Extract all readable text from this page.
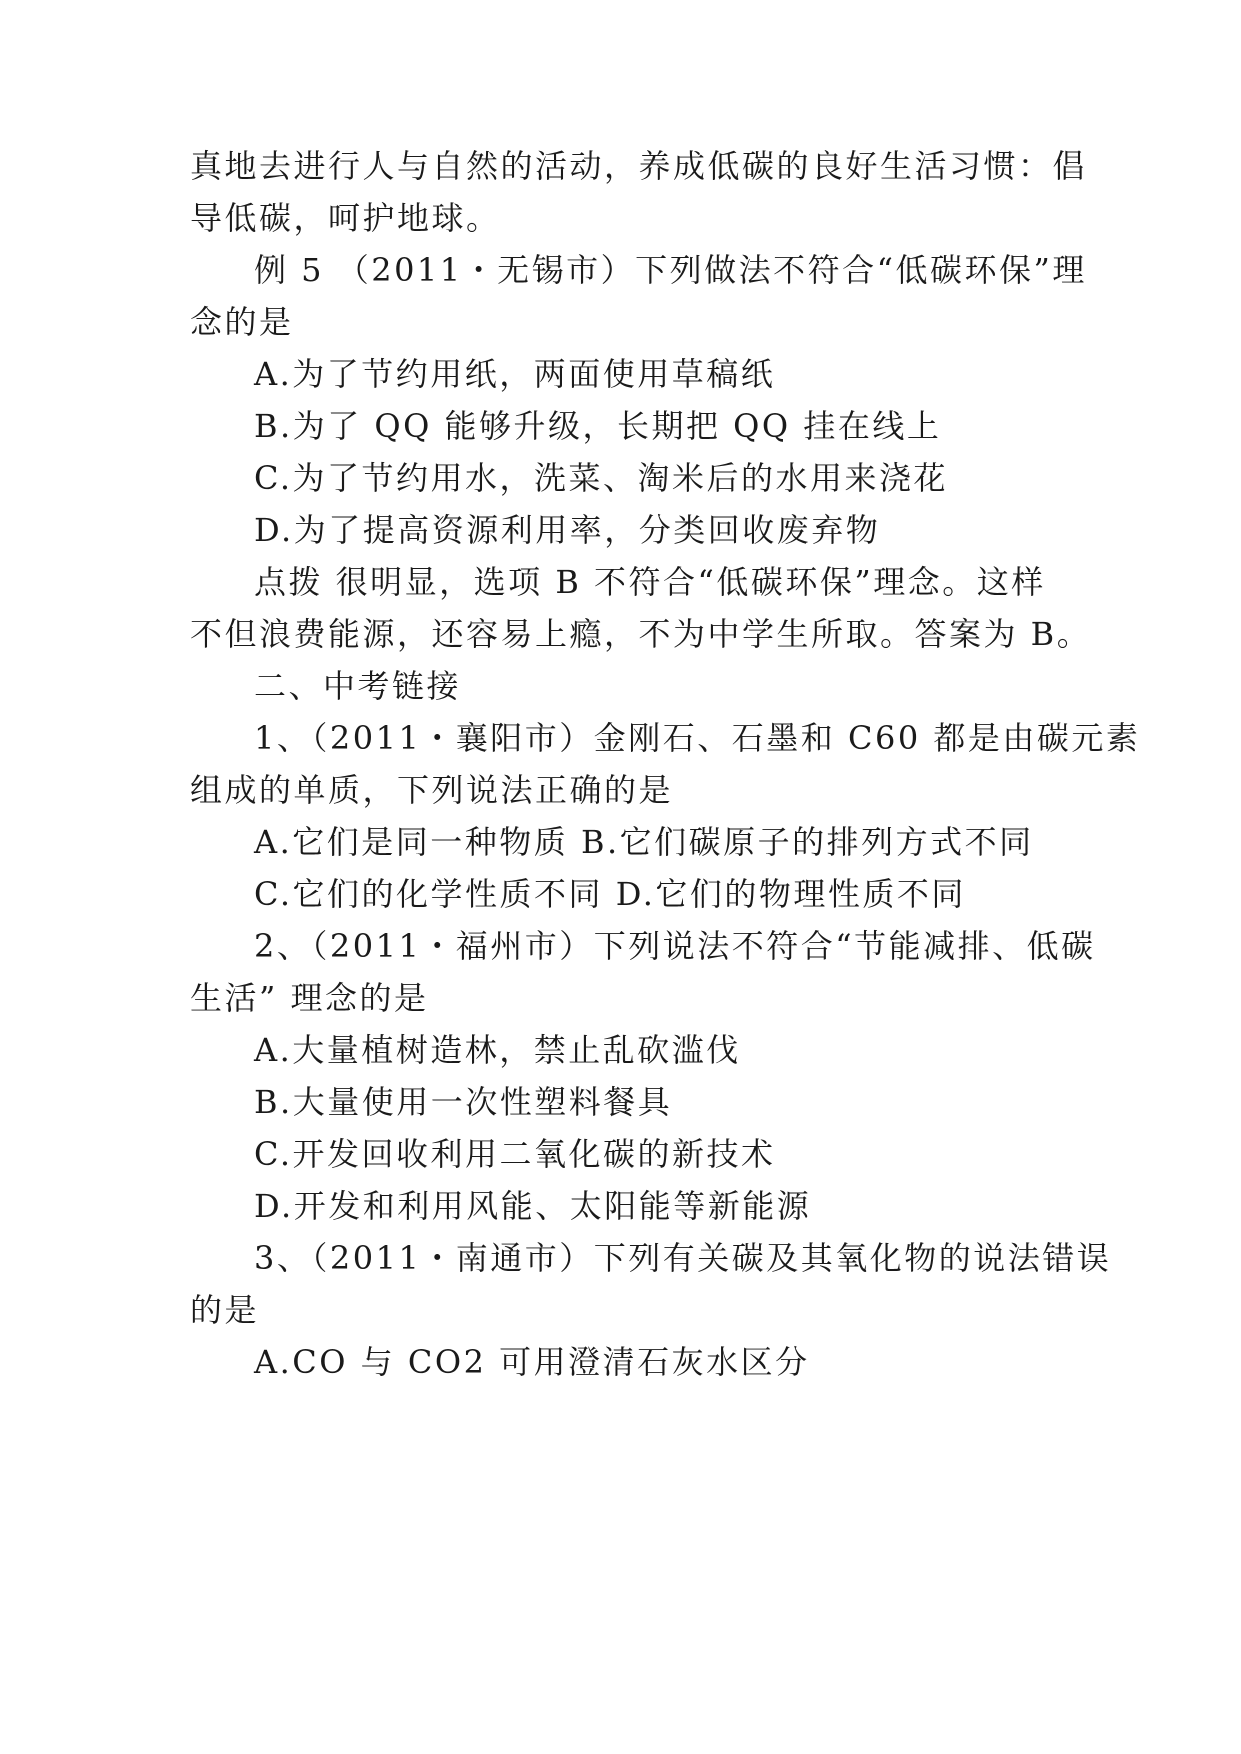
真地去进行人与自然的活动，养成低碳的良好生活习惯：倡
导低碳，呵护地球。
例 5 （2011・无锡市）下列做法不符合“低碳环保”理
念的是
A.为了节约用纸，两面使用草稿纸
B.为了 QQ 能够升级，长期把 QQ 挂在线上
C.为了节约用水，洗菜、淘米后的水用来浇花
D.为了提高资源利用率，分类回收废弃物
点拨 很明显，选项 B 不符合“低碳环保”理念。这样
不但浪费能源，还容易上瘾，不为中学生所取。答案为 B。
二、中考链接
1、（2011・襄阳市）金刚石、石墨和 C60 都是由碳元素
组成的单质，下列说法正确的是
A.它们是同一种物质 B.它们碳原子的排列方式不同
C.它们的化学性质不同 D.它们的物理性质不同
2、（2011・福州市）下列说法不符合“节能减排、低碳
生活” 理念的是
A.大量植树造林，禁止乱砍滥伐
B.大量使用一次性塑料餐具
C.开发回收利用二氧化碳的新技术
D.开发和利用风能、太阳能等新能源
3、（2011・南通市）下列有关碳及其氧化物的说法错误
的是
A.CO 与 CO2 可用澄清石灰水区分
